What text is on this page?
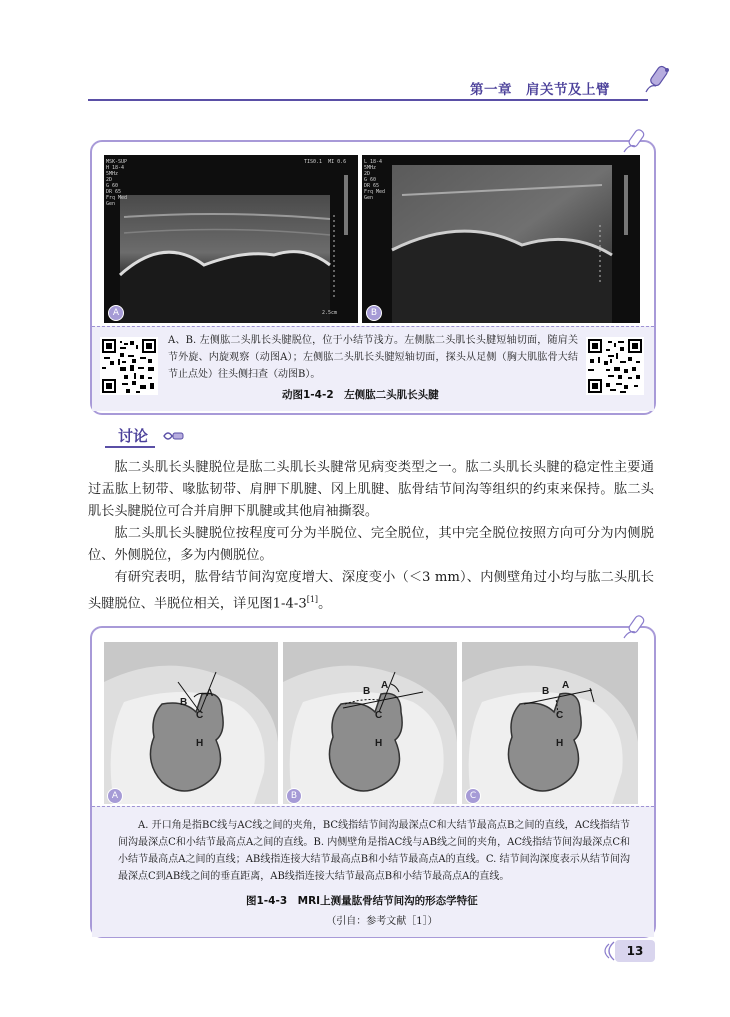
第一章　肩关节及上臂
MSK-SUP
H 18-4
5MHz
2D
G 60
DR 65
Frq Med
Gen
TIS0.1  MI 0.6
2.5cm
A
L 18-4
5MHz
2D
G 60
DR 65
Frq Med
Gen
B
A、B. 左侧肱二头肌长头腱脱位，位于小结节浅方。左侧肱二头肌长头腱短轴切面，随肩关节外旋、内旋观察（动图A）；左侧肱二头肌长头腱短轴切面，探头从足侧（胸大肌肱骨大结节止点处）往头侧扫查（动图B）。
动图1-4-2　左侧肱二头肌长头腱
讨论
肱二头肌长头腱脱位是肱二头肌长头腱常见病变类型之一。肱二头肌长头腱的稳定性主要通过盂肱上韧带、喙肱韧带、肩胛下肌腱、冈上肌腱、肱骨结节间沟等组织的约束来保持。肱二头肌长头腱脱位可合并肩胛下肌腱或其他肩袖撕裂。
肱二头肌长头腱脱位按程度可分为半脱位、完全脱位，其中完全脱位按照方向可分为内侧脱位、外侧脱位，多为内侧脱位。
有研究表明，肱骨结节间沟宽度增大、深度变小（＜3 mm）、内侧壁角过小均与肱二头肌长头腱脱位、半脱位相关，详见图1-4-3[1]。
B
A
C
H
A
B
A
C
H
B
B
A
C
H
C
A. 开口角是指BC线与AC线之间的夹角，BC线指结节间沟最深点C和大结节最高点B之间的直线，AC线指结节间沟最深点C和小结节最高点A之间的直线。B. 内侧壁角是指AC线与AB线之间的夹角，AC线指结节间沟最深点C和小结节最高点A之间的直线；AB线指连接大结节最高点B和小结节最高点A的直线。C. 结节间沟深度表示从结节间沟最深点C到AB线之间的垂直距离，AB线指连接大结节最高点B和小结节最高点A的直线。
图1-4-3　MRI上测量肱骨结节间沟的形态学特征
（引自：参考文献［1］）
13
